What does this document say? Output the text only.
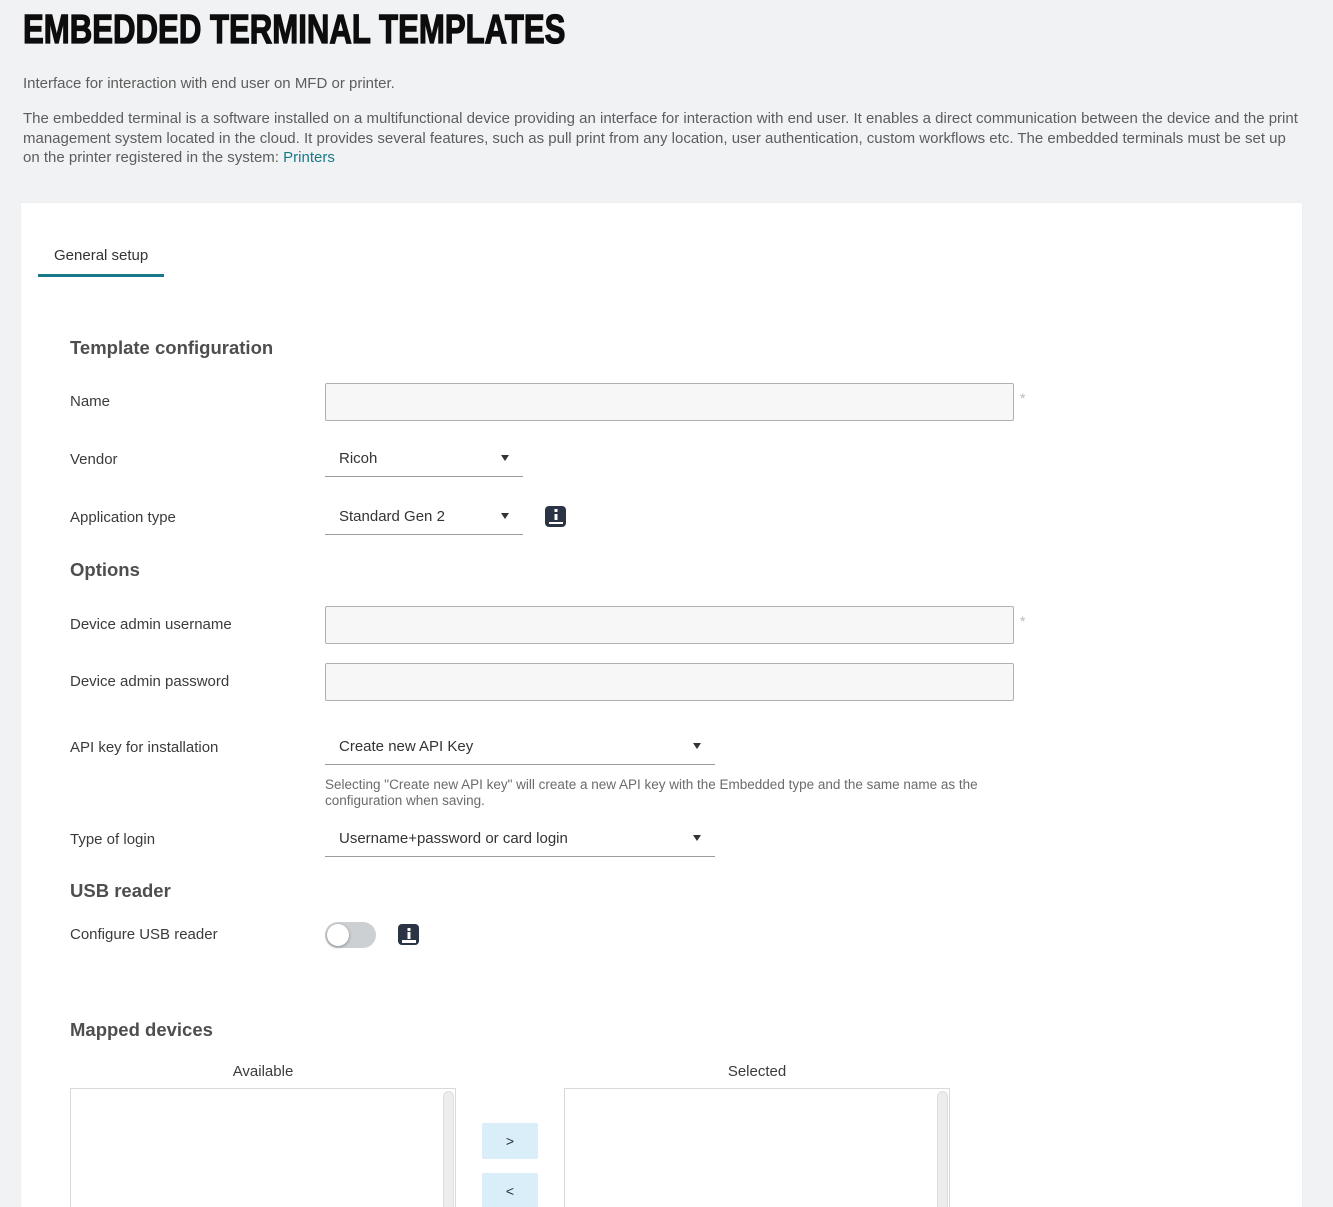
EMBEDDED TERMINAL TEMPLATES

Interface for interaction with end user on MFD or printer.

The embedded terminal is a software installed on a multifunctional device providing an interface for interaction with end user. It enables a direct communication between the device and the print management system located in the cloud. It provides several features, such as pull print from any location, user authentication, custom workflows etc. The embedded terminals must be set up on the printer registered in the system: Printers

General setup
Template configuration
Name	*
Vendor	Ricoh
Application type	Standard Gen 2
Options
Device admin username	*
Device admin password
API key for installation	Create new API Key
Selecting "Create new API key" will create a new API key with the Embedded type and the same name as the configuration when saving.
Type of login	Username+password or card login
USB reader
Configure USB reader
Mapped devices
Available
>
<
Selected
